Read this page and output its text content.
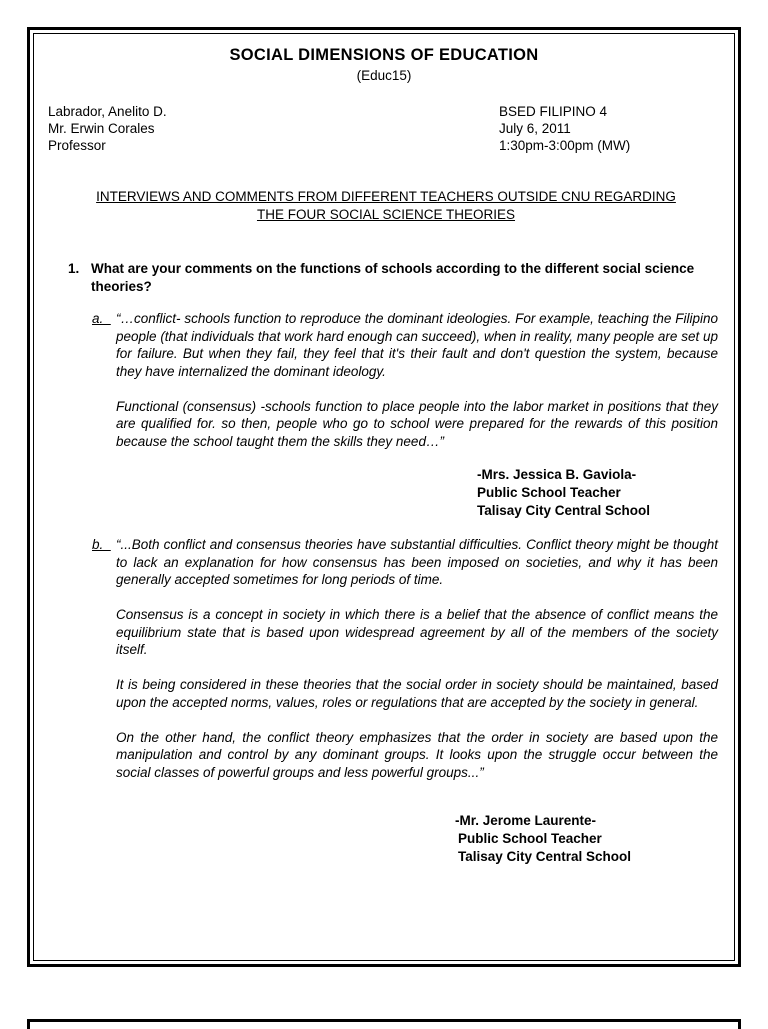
SOCIAL DIMENSIONS OF EDUCATION
(Educ15)
Labrador, Anelito D.
Mr. Erwin Corales
Professor
BSED FILIPINO 4
July 6, 2011
1:30pm-3:00pm (MW)
INTERVIEWS AND COMMENTS FROM DIFFERENT TEACHERS OUTSIDE CNU REGARDING
THE FOUR SOCIAL SCIENCE THEORIES
1. What are your comments on the functions of schools according to the different social science theories?
a. “…conflict- schools function to reproduce the dominant ideologies. For example, teaching the Filipino people (that individuals that work hard enough can succeed), when in reality, many people are set up for failure. But when they fail, they feel that it's their fault and don't question the system, because they have internalized the dominant ideology.

Functional (consensus) -schools function to place people into the labor market in positions that they are qualified for. so then, people who go to school were prepared for the rewards of this position because the school taught them the skills they need…”

-Mrs. Jessica B. Gaviola-
Public School Teacher
Talisay City Central School
b. “...Both conflict and consensus theories have substantial difficulties. Conflict theory might be thought to lack an explanation for how consensus has been imposed on societies, and why it has been generally accepted sometimes for long periods of time.

Consensus is a concept in society in which there is a belief that the absence of conflict means the equilibrium state that is based upon widespread agreement by all of the members of the society itself.

It is being considered in these theories that the social order in society should be maintained, based upon the accepted norms, values, roles or regulations that are accepted by the society in general.

On the other hand, the conflict theory emphasizes that the order in society are based upon the manipulation and control by any dominant groups. It looks upon the struggle occur between the social classes of powerful groups and less powerful groups...”

-Mr. Jerome Laurente-
Public School Teacher
Talisay City Central School
